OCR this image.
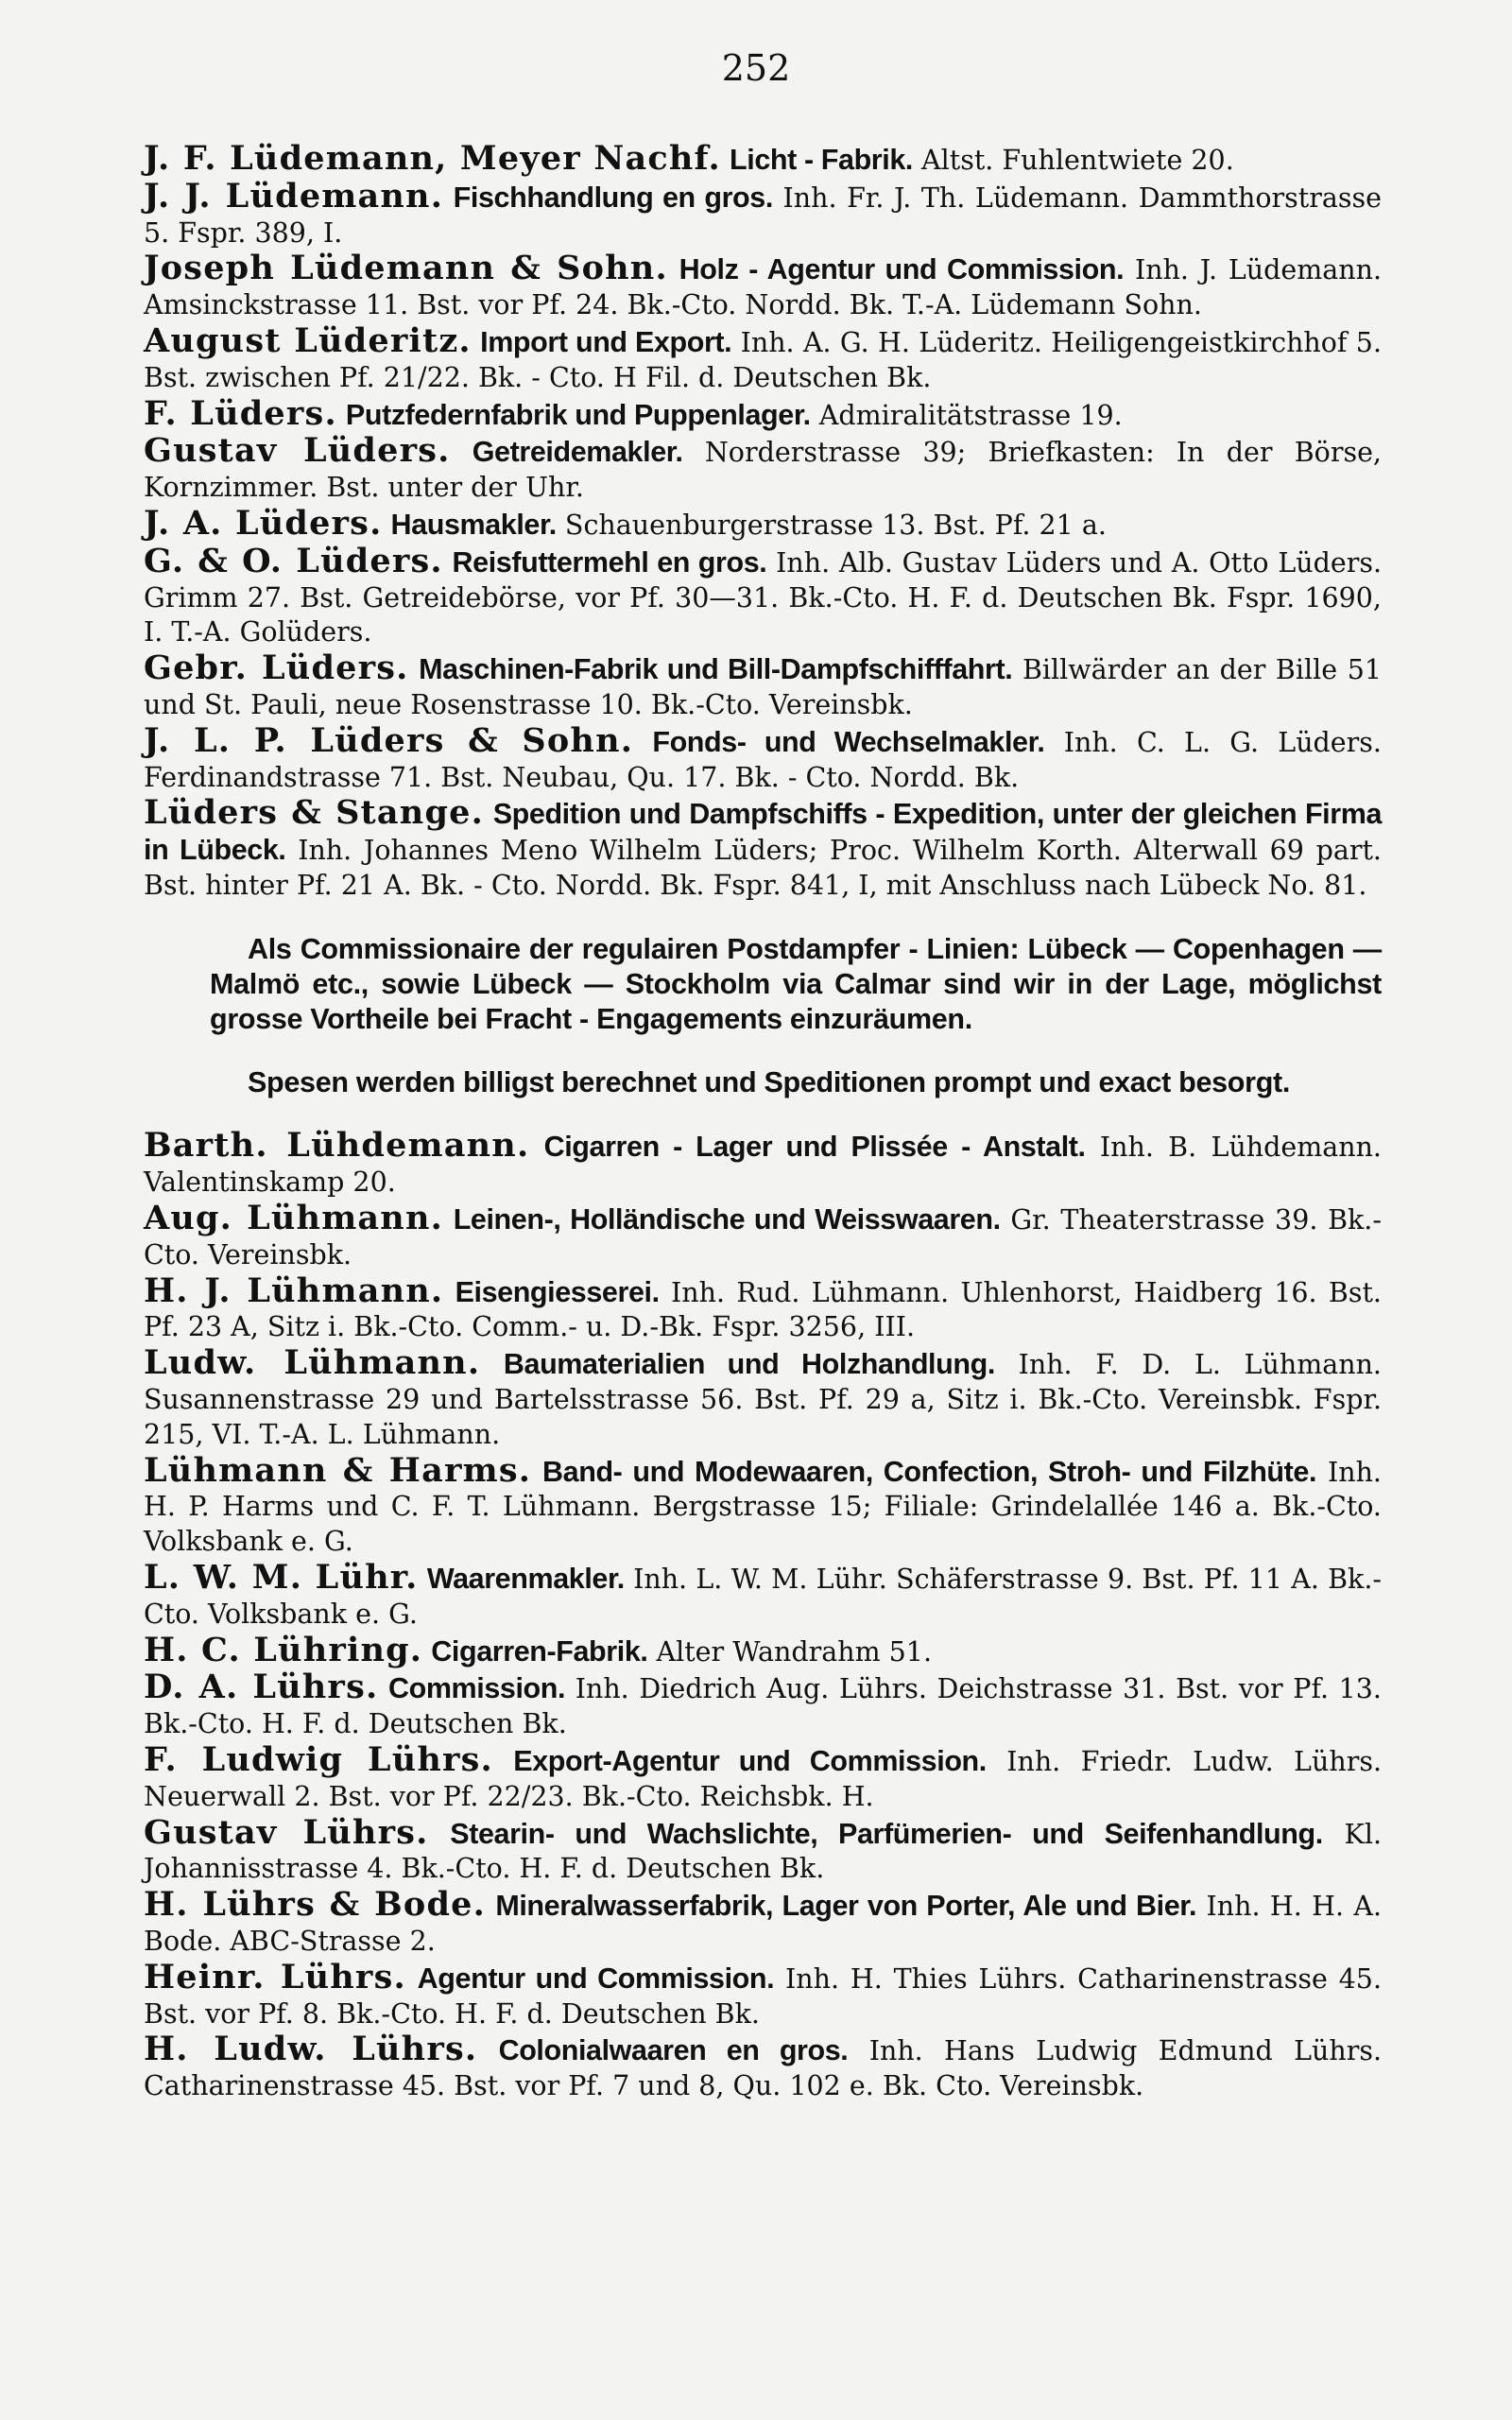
252

J. F. Lüdemann, Meyer Nachf. Licht - Fabrik. Altst. Fuhlentwiete 20.

J. J. Lüdemann. Fischhandlung en gros. Inh. Fr. J. Th. Lüdemann. Dammthorstrasse 5. Fspr. 389, I.

Joseph Lüdemann & Sohn. Holz - Agentur und Commission. Inh. J. Lüdemann. Amsinckstrasse 11. Bst. vor Pf. 24. Bk.-Cto. Nordd. Bk. T.-A. Lüdemann Sohn.

August Lüderitz. Import und Export. Inh. A. G. H. Lüderitz. Heiligengeistkirchhof 5. Bst. zwischen Pf. 21/22. Bk. - Cto. H Fil. d. Deutschen Bk.

F. Lüders. Putzfedernfabrik und Puppenlager. Admiralitätstrasse 19.

Gustav Lüders. Getreidemakler. Norderstrasse 39; Briefkasten: In der Börse, Kornzimmer. Bst. unter der Uhr.

J. A. Lüders. Hausmakler. Schauenburgerstrasse 13. Bst. Pf. 21 a.

G. & O. Lüders. Reisfuttermehl en gros. Inh. Alb. Gustav Lüders und A. Otto Lüders. Grimm 27. Bst. Getreidebörse, vor Pf. 30—31. Bk.-Cto. H. F. d. Deutschen Bk. Fspr. 1690, I. T.-A. Golüders.

Gebr. Lüders. Maschinen-Fabrik und Bill-Dampfschifffahrt. Billwärder an der Bille 51 und St. Pauli, neue Rosenstrasse 10. Bk.-Cto. Vereinsbk.

J. L. P. Lüders & Sohn. Fonds- und Wechselmakler. Inh. C. L. G. Lüders. Ferdinandstrasse 71. Bst. Neubau, Qu. 17. Bk. - Cto. Nordd. Bk.

Lüders & Stange. Spedition und Dampfschiffs - Expedition, unter der gleichen Firma in Lübeck. Inh. Johannes Meno Wilhelm Lüders; Proc. Wilhelm Korth. Alterwall 69 part. Bst. hinter Pf. 21 A. Bk. - Cto. Nordd. Bk. Fspr. 841, I, mit Anschluss nach Lübeck No. 81.

Als Commissionaire der regulairen Postdampfer - Linien: Lübeck — Copenhagen — Malmö etc., sowie Lübeck — Stockholm via Calmar sind wir in der Lage, möglichst grosse Vortheile bei Fracht - Engagements einzuräumen.

Spesen werden billigst berechnet und Speditionen prompt und exact besorgt.

Barth. Lühdemann. Cigarren - Lager und Plissée - Anstalt. Inh. B. Lühdemann. Valentinskamp 20.

Aug. Lühmann. Leinen-, Holländische und Weisswaaren. Gr. Theaterstrasse 39. Bk.-Cto. Vereinsbk.

H. J. Lühmann. Eisengiesserei. Inh. Rud. Lühmann. Uhlenhorst, Haidberg 16. Bst. Pf. 23 A, Sitz i. Bk.-Cto. Comm.- u. D.-Bk. Fspr. 3256, III.

Ludw. Lühmann. Baumaterialien und Holzhandlung. Inh. F. D. L. Lühmann. Susannenstrasse 29 und Bartelsstrasse 56. Bst. Pf. 29 a, Sitz i. Bk.-Cto. Vereinsbk. Fspr. 215, VI. T.-A. L. Lühmann.

Lühmann & Harms. Band- und Modewaaren, Confection, Stroh- und Filzhüte. Inh. H. P. Harms und C. F. T. Lühmann. Bergstrasse 15; Filiale: Grindelallée 146 a. Bk.-Cto. Volksbank e. G.

L. W. M. Lühr. Waarenmakler. Inh. L. W. M. Lühr. Schäferstrasse 9. Bst. Pf. 11 A. Bk.-Cto. Volksbank e. G.

H. C. Lühring. Cigarren-Fabrik. Alter Wandrahm 51.

D. A. Lührs. Commission. Inh. Diedrich Aug. Lührs. Deichstrasse 31. Bst. vor Pf. 13. Bk.-Cto. H. F. d. Deutschen Bk.

F. Ludwig Lührs. Export-Agentur und Commission. Inh. Friedr. Ludw. Lührs. Neuerwall 2. Bst. vor Pf. 22/23. Bk.-Cto. Reichsbk. H.

Gustav Lührs. Stearin- und Wachslichte, Parfümerien- und Seifenhandlung. Kl. Johannisstrasse 4. Bk.-Cto. H. F. d. Deutschen Bk.

H. Lührs & Bode. Mineralwasserfabrik, Lager von Porter, Ale und Bier. Inh. H. H. A. Bode. ABC-Strasse 2.

Heinr. Lührs. Agentur und Commission. Inh. H. Thies Lührs. Catharinenstrasse 45. Bst. vor Pf. 8. Bk.-Cto. H. F. d. Deutschen Bk.

H. Ludw. Lührs. Colonialwaaren en gros. Inh. Hans Ludwig Edmund Lührs. Catharinenstrasse 45. Bst. vor Pf. 7 und 8, Qu. 102 e. Bk. Cto. Vereinsbk.
